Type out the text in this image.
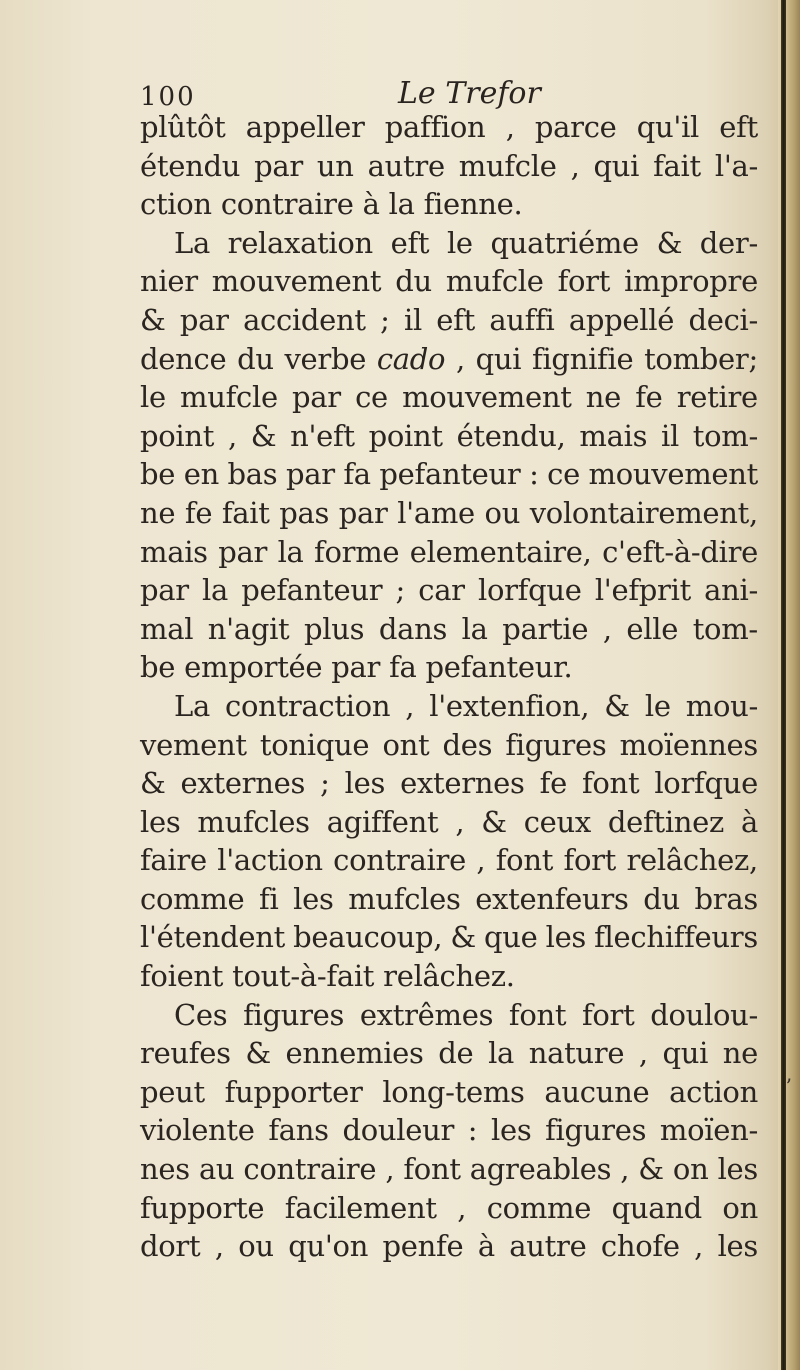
100	Le Trefor
plûtôt appeller paffion , parce qu'il eft
étendu par un autre mufcle , qui fait l'a-
ction contraire à la fienne.
La relaxation eft le quatriéme & der-
nier mouvement du mufcle fort impropre
& par accident ; il eft auffi appellé deci-
dence du verbe cado , qui fignifie tomber;
le mufcle par ce mouvement ne fe retire
point , & n'eft point étendu, mais il tom-
be en bas par fa pefanteur : ce mouvement
ne fe fait pas par l'ame ou volontairement,
mais par la forme elementaire, c'eft-à-dire
par la pefanteur ; car lorfque l'efprit ani-
mal n'agit plus dans la partie , elle tom-
be emportée par fa pefanteur.
La contraction , l'extenfion, & le mou-
vement tonique ont des figures moïennes
& externes ; les externes fe font lorfque
les mufcles agiffent , & ceux deftinez à
faire l'action contraire , font fort relâchez,
comme fi les mufcles extenfeurs du bras
l'étendent beaucoup, & que les flechiffeurs
foient tout-à-fait relâchez.
Ces figures extrêmes font fort doulou-
reufes & ennemies de la nature , qui ne
peut fupporter long-tems aucune action
violente fans douleur : les figures moïen-
nes au contraire , font agreables , & on les
fupporte facilement , comme quand on
dort , ou qu'on penfe à autre chofe , les
ʼ
